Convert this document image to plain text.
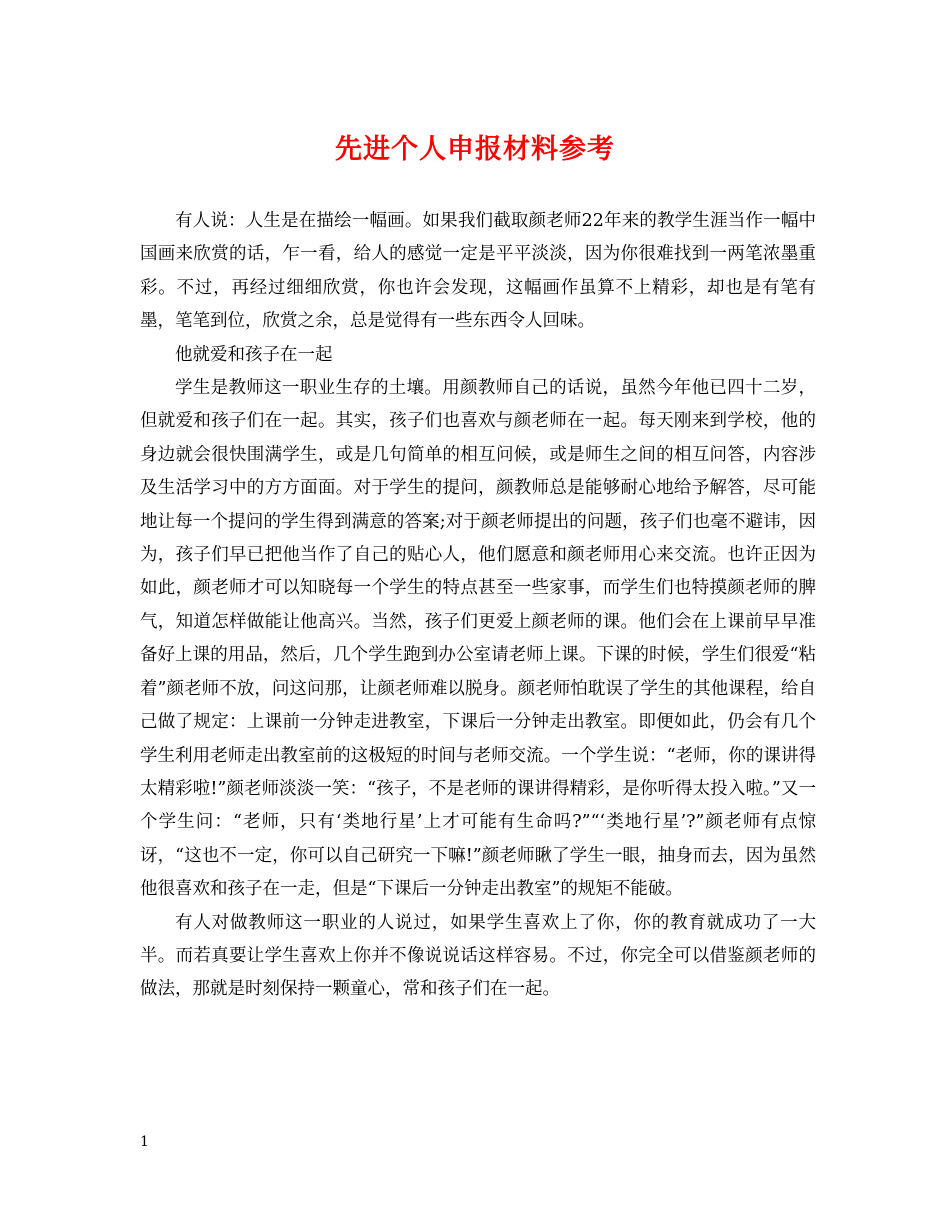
先进个人申报材料参考

有人说：人生是在描绘一幅画。如果我们截取颜老师22年来的教学生涯当作一幅中国画来欣赏的话，乍一看，给人的感觉一定是平平淡淡，因为你很难找到一两笔浓墨重彩。不过，再经过细细欣赏，你也许会发现，这幅画作虽算不上精彩，却也是有笔有墨，笔笔到位，欣赏之余，总是觉得有一些东西令人回味。

他就爱和孩子在一起

学生是教师这一职业生存的土壤。用颜教师自己的话说，虽然今年他已四十二岁，但就爱和孩子们在一起。其实，孩子们也喜欢与颜老师在一起。每天刚来到学校，他的身边就会很快围满学生，或是几句简单的相互问候，或是师生之间的相互问答，内容涉及生活学习中的方方面面。对于学生的提问，颜教师总是能够耐心地给予解答，尽可能地让每一个提问的学生得到满意的答案;对于颜老师提出的问题，孩子们也毫不避讳，因为，孩子们早已把他当作了自己的贴心人，他们愿意和颜老师用心来交流。也许正因为如此，颜老师才可以知晓每一个学生的特点甚至一些家事，而学生们也特摸颜老师的脾气，知道怎样做能让他高兴。当然，孩子们更爱上颜老师的课。他们会在上课前早早准备好上课的用品，然后，几个学生跑到办公室请老师上课。下课的时候，学生们很爱“粘着”颜老师不放，问这问那，让颜老师难以脱身。颜老师怕耽误了学生的其他课程，给自己做了规定：上课前一分钟走进教室，下课后一分钟走出教室。即便如此，仍会有几个学生利用老师走出教室前的这极短的时间与老师交流。一个学生说：“老师，你的课讲得太精彩啦!”颜老师淡淡一笑：“孩子，不是老师的课讲得精彩，是你听得太投入啦。”又一个学生问：“老师，只有‘类地行星’上才可能有生命吗?”“‘类地行星’?”颜老师有点惊讶，“这也不一定，你可以自己研究一下嘛!”颜老师瞅了学生一眼，抽身而去，因为虽然他很喜欢和孩子在一走，但是“下课后一分钟走出教室”的规矩不能破。

有人对做教师这一职业的人说过，如果学生喜欢上了你，你的教育就成功了一大半。而若真要让学生喜欢上你并不像说说话这样容易。不过，你完全可以借鉴颜老师的做法，那就是时刻保持一颗童心，常和孩子们在一起。

1
